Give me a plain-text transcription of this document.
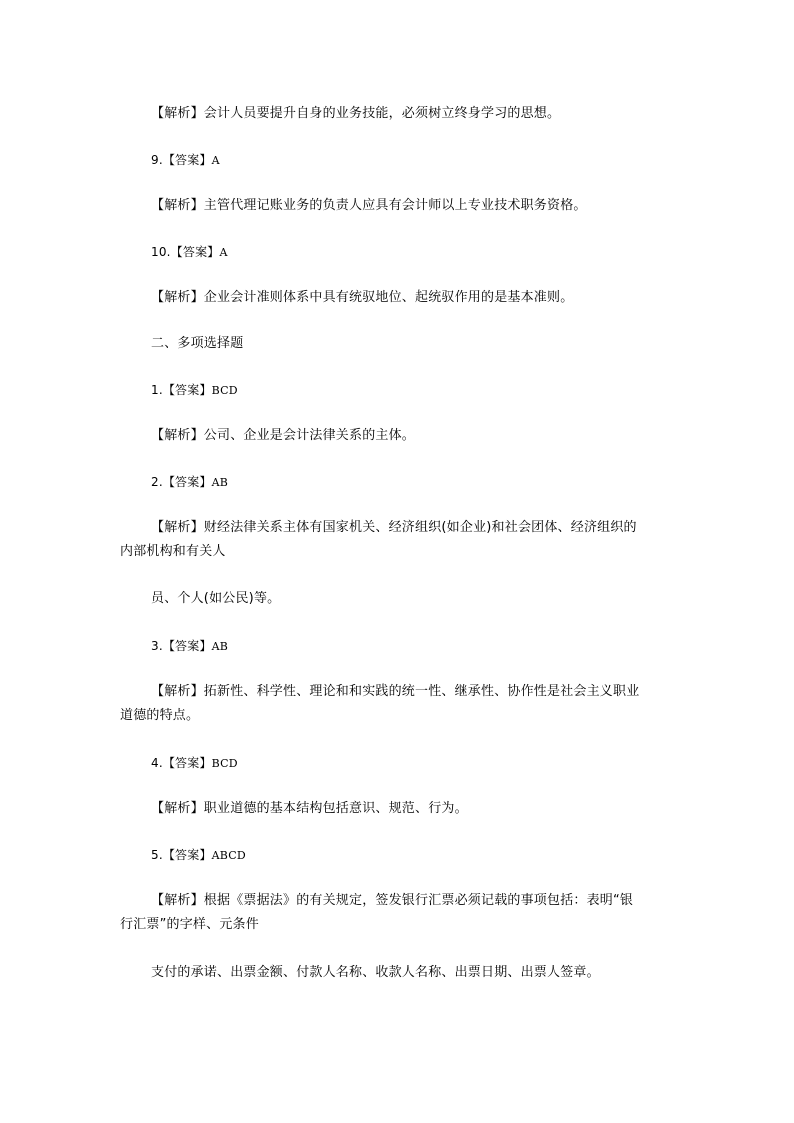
【解析】会计人员要提升自身的业务技能，必须树立终身学习的思想。
9.【答案】A
【解析】主管代理记账业务的负责人应具有会计师以上专业技术职务资格。
10.【答案】A
【解析】企业会计准则体系中具有统驭地位、起统驭作用的是基本准则。
二、多项选择题
1.【答案】BCD
【解析】公司、企业是会计法律关系的主体。
2.【答案】AB
【解析】财经法律关系主体有国家机关、经济组织(如企业)和社会团体、经济组织的
内部机构和有关人
员、个人(如公民)等。
3.【答案】AB
【解析】拓新性、科学性、理论和和实践的统一性、继承性、协作性是社会主义职业
道德的特点。
4.【答案】BCD
【解析】职业道德的基本结构包括意识、规范、行为。
5.【答案】ABCD
【解析】根据《票据法》的有关规定，签发银行汇票必须记载的事项包括：表明“银
行汇票”的字样、元条件
支付的承诺、出票金额、付款人名称、收款人名称、出票日期、出票人签章。
